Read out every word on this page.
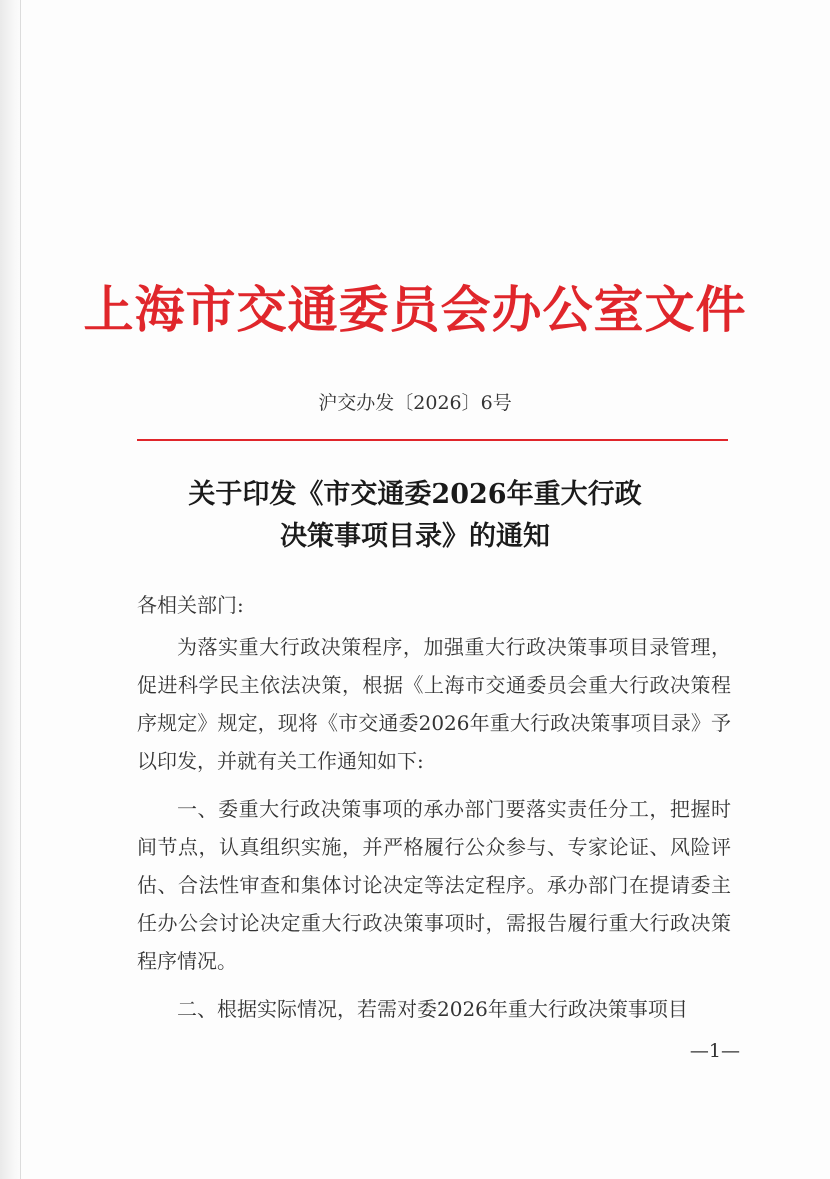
上海市交通委员会办公室文件
沪交办发〔2026〕6号
关于印发《市交通委2026年重大行政
决策事项目录》的通知

各相关部门:

为落实重大行政决策程序，加强重大行政决策事项目录管理，促进科学民主依法决策，根据《上海市交通委员会重大行政决策程序规定》规定，现将《市交通委2026年重大行政决策事项目录》予以印发，并就有关工作通知如下:

一、委重大行政决策事项的承办部门要落实责任分工，把握时间节点，认真组织实施，并严格履行公众参与、专家论证、风险评估、合法性审查和集体讨论决定等法定程序。承办部门在提请委主任办公会讨论决定重大行政决策事项时，需报告履行重大行政决策程序情况。

二、根据实际情况，若需对委2026年重大行政决策事项目

—1—
